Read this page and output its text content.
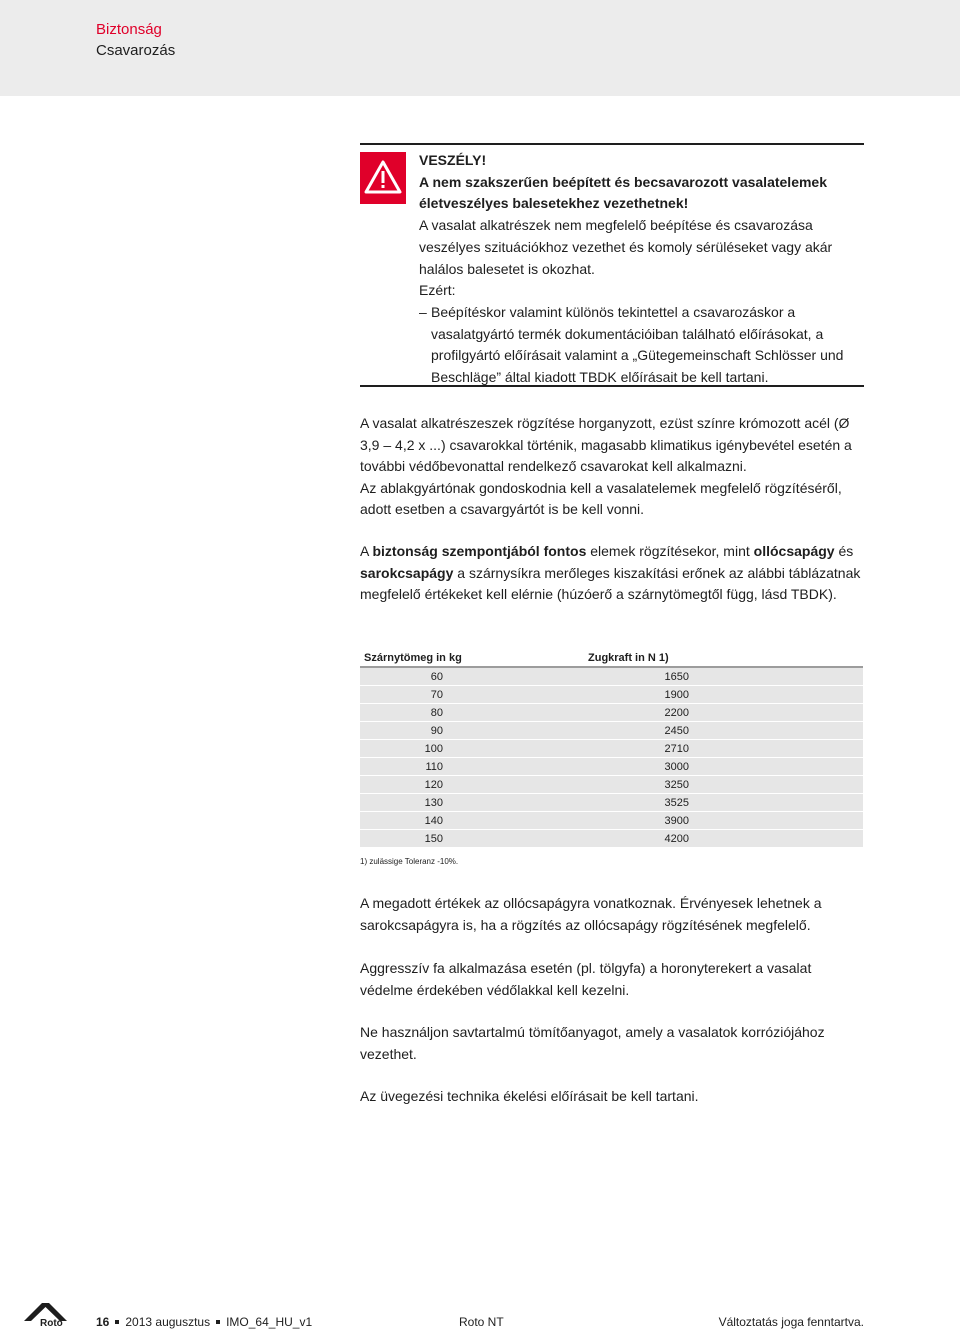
Biztonság
Csavarozás
VESZÉLY!
A nem szakszerűen beépített és becsavarozott vasalatelemek életveszélyes balesetekhez vezethetnek!
A vasalat alkatrészek nem megfelelő beépítése és csavarozása veszélyes szituációkhoz vezethet és komoly sérüléseket vagy akár halálos balesetet is okozhat.
Ezért:
– Beépítéskor valamint különös tekintettel a csavarozáskor a vasalatgyártó termék dokumentációiban található előírásokat, a profilgyártó előírásait valamint a „Gütegemeinschaft Schlösser und Beschläge” által kiadott TBDK előírásait be kell tartani.
A vasalat alkatrészeszek rögzítése horganyzott, ezüst színre krómozott acél (Ø 3,9 – 4,2 x ...) csavarokkal történik, magasabb klimatikus igénybevétel esetén a további védőbevonattal rendelkező csavarokat kell alkalmazni.
Az ablakgyártónak gondoskodnia kell a vasalatelemek megfelelő rögzítéséről, adott esetben a csavargyártót is be kell vonni.
A biztonság szempontjából fontos elemek rögzítésekor, mint ollócsapágy és sarokcsapágy a szárnysíkra merőleges kiszakítási erőnek az alábbi táblázatnak megfelelő értékeket kell elérnie (húzóerő a szárnytömegtől függ, lásd TBDK).
Szárnytömeg in kg	Zugkraft in N 1)
60	1650
70	1900
80	2200
90	2450
100	2710
110	3000
120	3250
130	3525
140	3900
150	4200
1) zulässige Toleranz -10%.
A megadott értékek az ollócsapágyra vonatkoznak. Érvényesek lehetnek a sarokcsapágyra is, ha a rögzítés az ollócsapágy rögzítésének megfelelő.
Aggresszív fa alkalmazása esetén (pl. tölgyfa) a horonyterekert a vasalat védelme érdekében védőlakkal kell kezelni.
Ne használjon savtartalmú tömítőanyagot, amely a vasalatok korróziójához vezethet.
Az üvegezési technika ékelési előírásait be kell tartani.
Roto	16 2013 augusztus IMO_64_HU_v1	Roto NT	Változtatás joga fenntartva.
